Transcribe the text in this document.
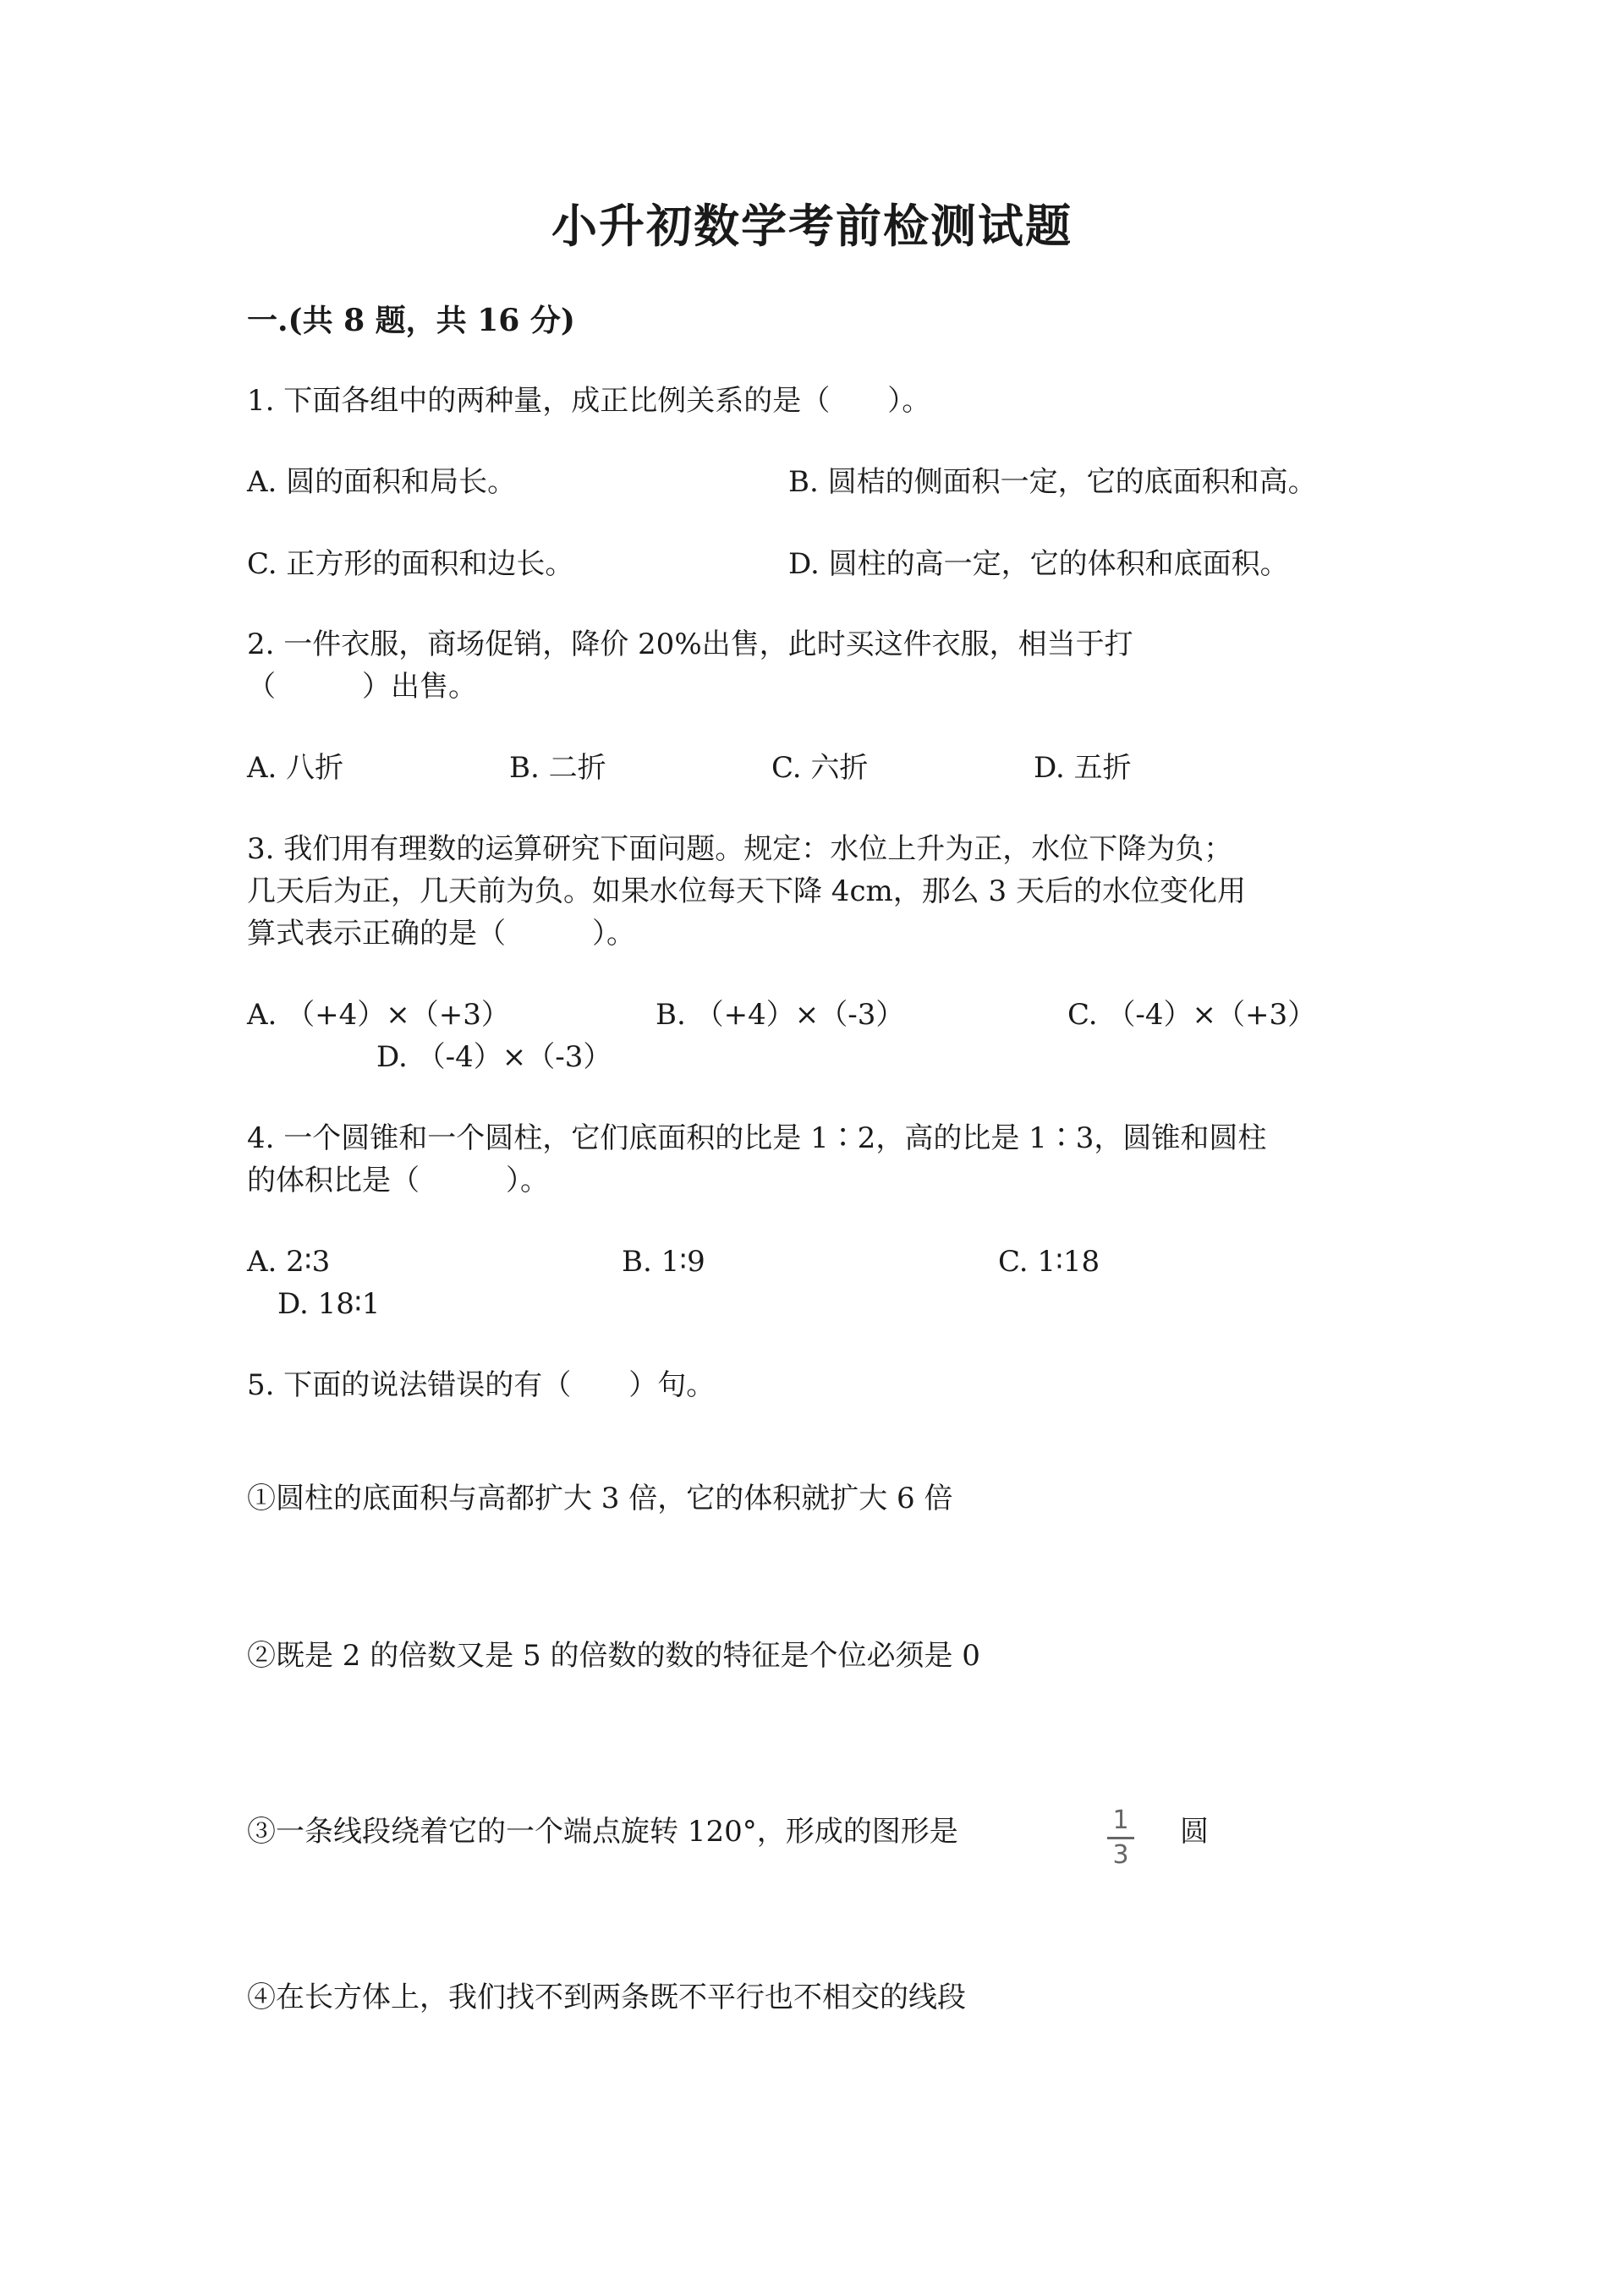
小升初数学考前检测试题
一.(共 8 题，共 16 分)
1. 下面各组中的两种量，成正比例关系的是（　　）。
A. 圆的面积和局长。	B. 圆桔的侧面积一定，它的底面积和高。
C. 正方形的面积和边长。	D. 圆柱的高一定，它的体积和底面积。
2. 一件衣服，商场促销，降价 20%出售，此时买这件衣服，相当于打
（　　　）出售。
A. 八折	B. 二折	C. 六折	D. 五折
3. 我们用有理数的运算研究下面问题。规定：水位上升为正，水位下降为负；
几天后为正，几天前为负。如果水位每天下降 4cm，那么 3 天后的水位变化用
算式表示正确的是（　　　）。
A. （+4）×（+3）	B. （+4）×（-3）	C. （-4）×（+3）
D. （-4）×（-3）
4. 一个圆锥和一个圆柱，它们底面积的比是 1∶2，高的比是 1∶3，圆锥和圆柱
的体积比是（　　　）。
A. 2∶3	B. 1∶9	C. 1∶18
D. 18∶1
5. 下面的说法错误的有（　　）句。
①圆柱的底面积与高都扩大 3 倍，它的体积就扩大 6 倍
②既是 2 的倍数又是 5 的倍数的数的特征是个位必须是 0
③一条线段绕着它的一个端点旋转 120°，形成的图形是	1
3
圆
④在长方体上，我们找不到两条既不平行也不相交的线段
